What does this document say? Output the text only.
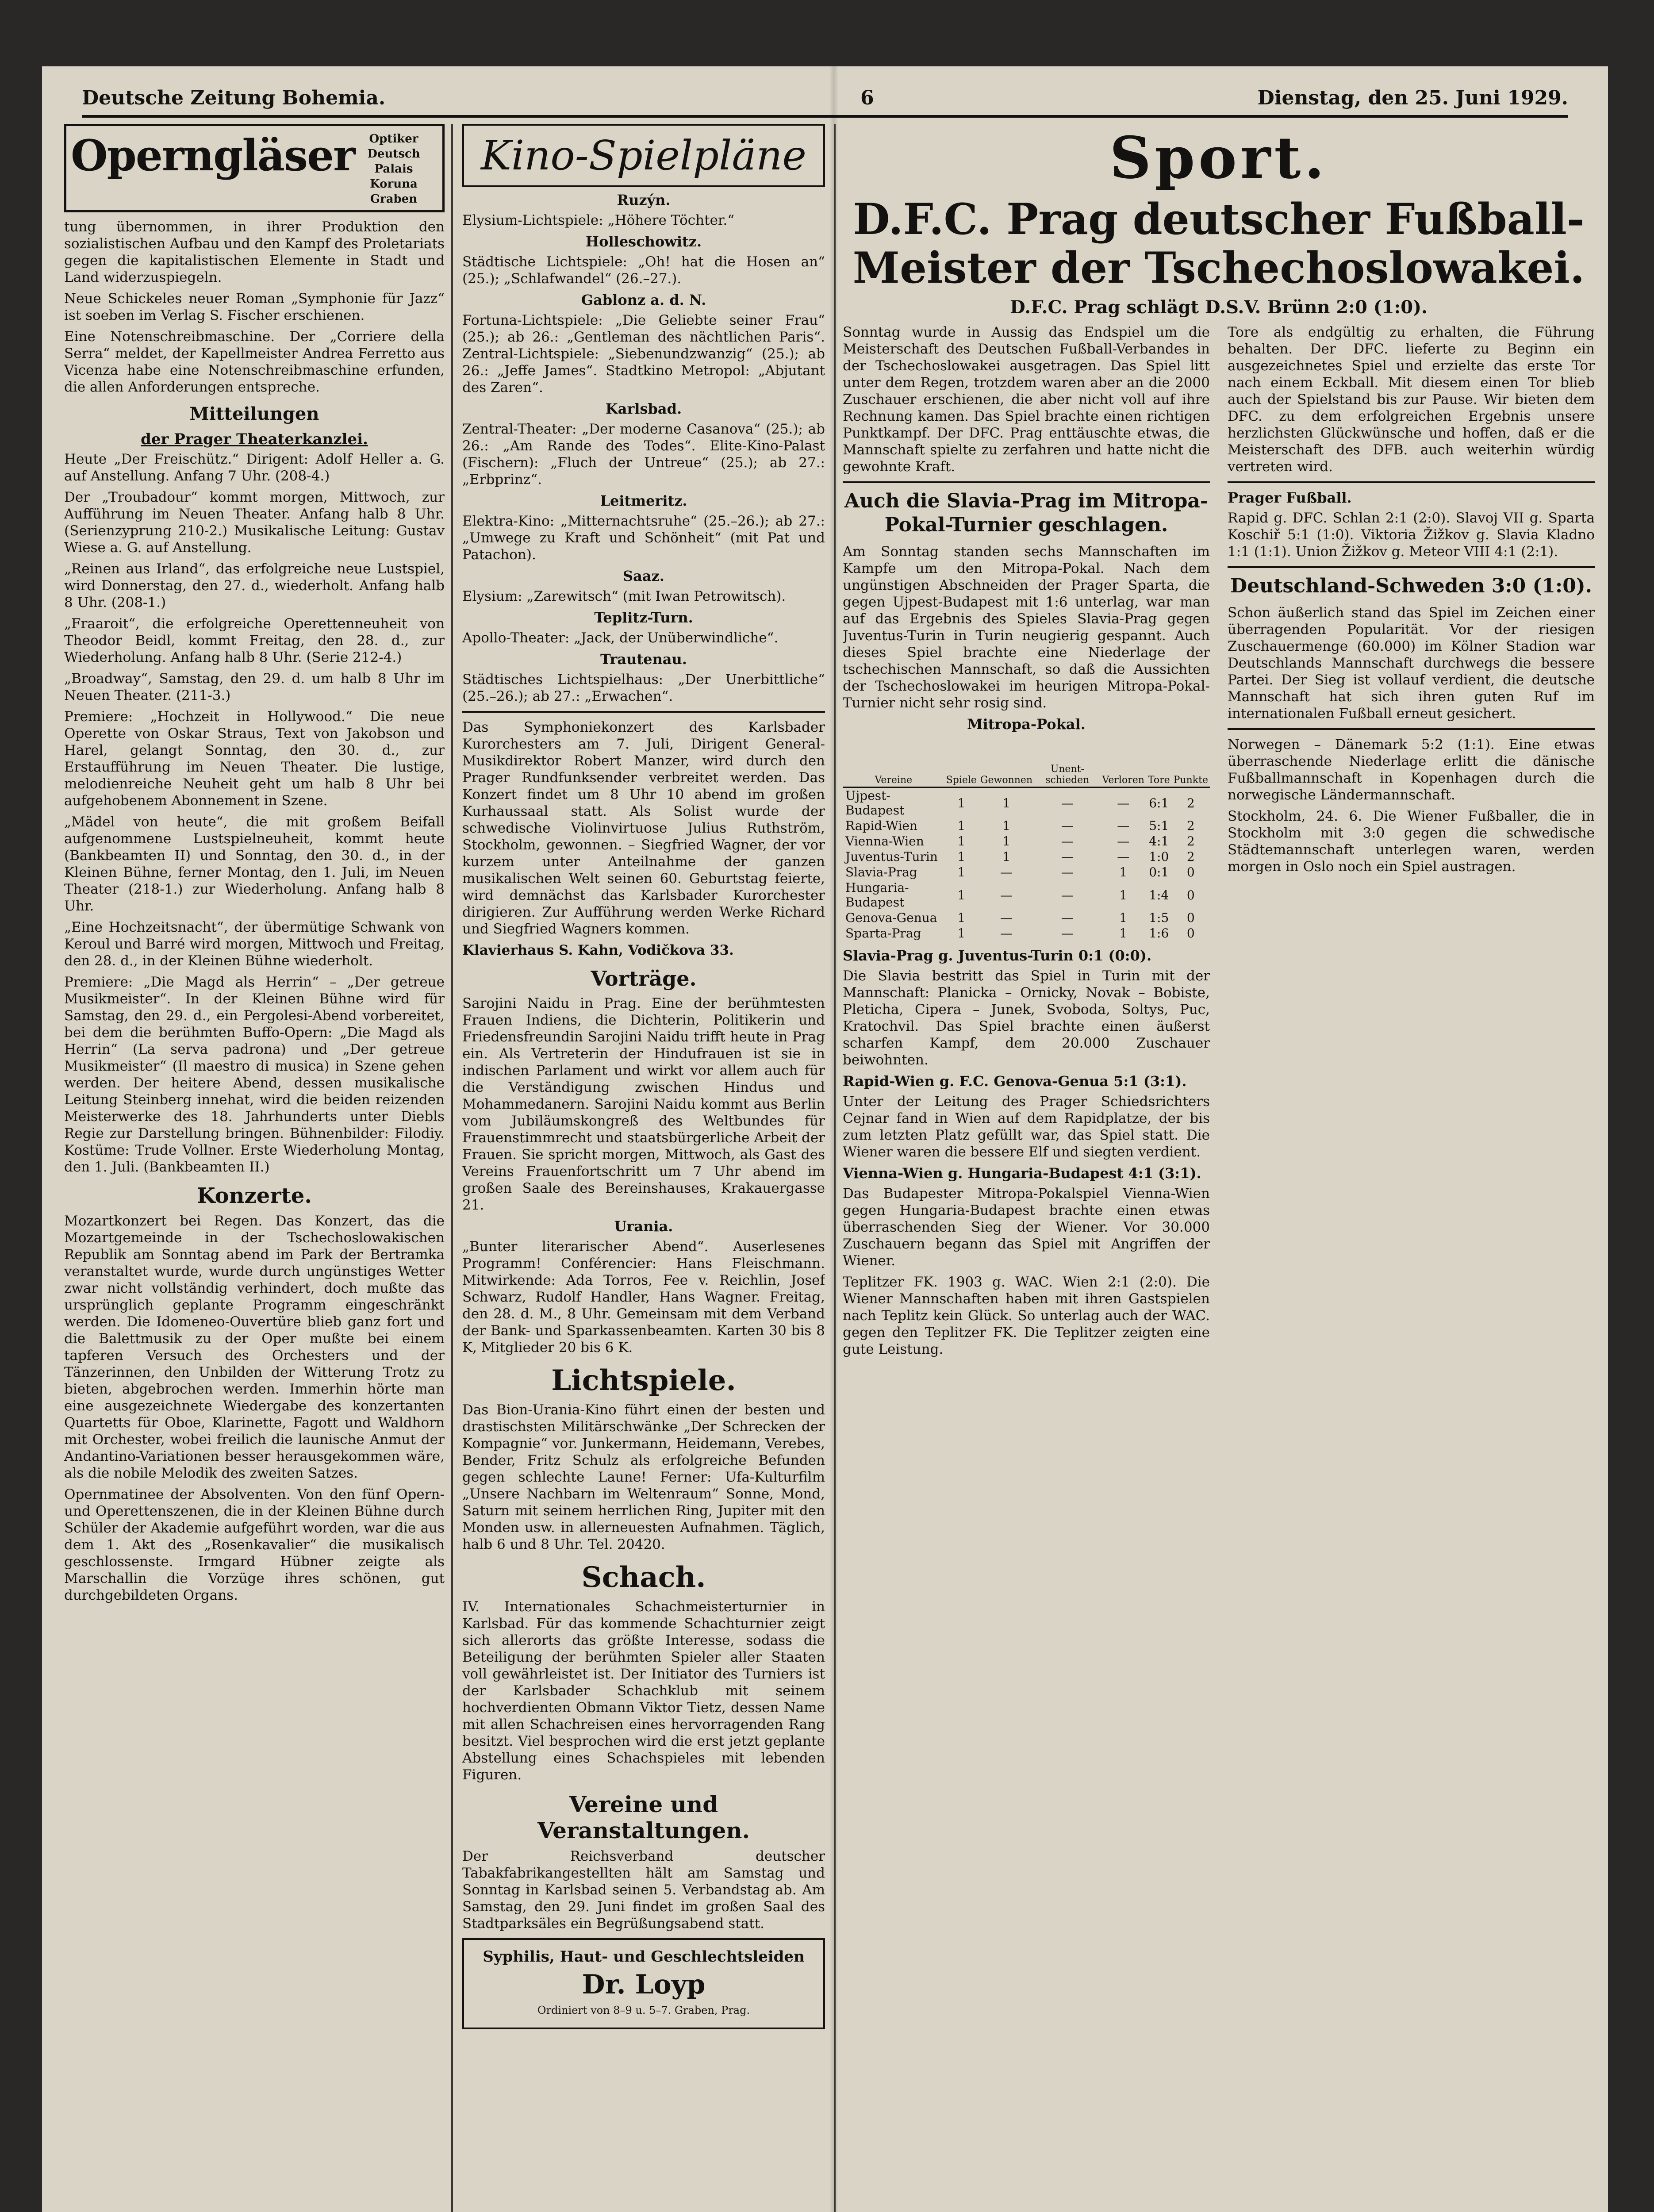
Deutsche Zeitung Bohemia.	6	Dienstag, den 25. Juni 1929.
Operngläser	Optiker Deutsch Palais Koruna Graben

tung übernommen, in ihrer Produktion den sozialistischen Aufbau und den Kampf des Proletariats gegen die kapitalistischen Elemente in Stadt und Land widerzuspiegeln.

Neue Schickeles neuer Roman „Symphonie für Jazz“ ist soeben im Verlag S. Fischer erschienen.

Eine Notenschreibmaschine. Der „Corriere della Serra“ meldet, der Kapellmeister Andrea Ferretto aus Vicenza habe eine Notenschreibmaschine erfunden, die allen Anforderungen entspreche.

Mitteilungen
der Prager Theaterkanzlei.

Heute „Der Freischütz.“ Dirigent: Adolf Heller a. G. auf Anstellung. Anfang 7 Uhr. (208-4.)

Der „Troubadour“ kommt morgen, Mittwoch, zur Aufführung im Neuen Theater. Anfang halb 8 Uhr. (Serienzyprung 210-2.) Musikalische Leitung: Gustav Wiese a. G. auf Anstellung.

„Reinen aus Irland“, das erfolgreiche neue Lustspiel, wird Donnerstag, den 27. d., wiederholt. Anfang halb 8 Uhr. (208-1.)

„Fraaroit“, die erfolgreiche Operettenneuheit von Theodor Beidl, kommt Freitag, den 28. d., zur Wiederholung. Anfang halb 8 Uhr. (Serie 212-4.)

„Broadway“, Samstag, den 29. d. um halb 8 Uhr im Neuen Theater. (211-3.)

Premiere: „Hochzeit in Hollywood.“ Die neue Operette von Oskar Straus, Text von Jakobson und Harel, gelangt Sonntag, den 30. d., zur Erstaufführung im Neuen Theater. Die lustige, melodienreiche Neuheit geht um halb 8 Uhr bei aufgehobenem Abonnement in Szene.

„Mädel von heute“, die mit großem Beifall aufgenommene Lustspielneuheit, kommt heute (Bankbeamten II) und Sonntag, den 30. d., in der Kleinen Bühne, ferner Montag, den 1. Juli, im Neuen Theater (218-1.) zur Wiederholung. Anfang halb 8 Uhr.

„Eine Hochzeitsnacht“, der übermütige Schwank von Keroul und Barré wird morgen, Mittwoch und Freitag, den 28. d., in der Kleinen Bühne wiederholt.

Premiere: „Die Magd als Herrin“ – „Der getreue Musikmeister“. In der Kleinen Bühne wird für Samstag, den 29. d., ein Pergolesi-Abend vorbereitet, bei dem die berühmten Buffo-Opern: „Die Magd als Herrin“ (La serva padrona) und „Der getreue Musikmeister“ (Il maestro di musica) in Szene gehen werden. Der heitere Abend, dessen musikalische Leitung Steinberg innehat, wird die beiden reizenden Meisterwerke des 18. Jahrhunderts unter Diebls Regie zur Darstellung bringen. Bühnenbilder: Filodiy. Kostüme: Trude Vollner. Erste Wiederholung Montag, den 1. Juli. (Bankbeamten II.)

Konzerte.

Mozartkonzert bei Regen. Das Konzert, das die Mozartgemeinde in der Tschechoslowakischen Republik am Sonntag abend im Park der Bertramka veranstaltet wurde, wurde durch ungünstiges Wetter zwar nicht vollständig verhindert, doch mußte das ursprünglich geplante Programm eingeschränkt werden. Die Idomeneo-Ouvertüre blieb ganz fort und die Balettmusik zu der Oper mußte bei einem tapferen Versuch des Orchesters und der Tänzerinnen, den Unbilden der Witterung Trotz zu bieten, abgebrochen werden. Immerhin hörte man eine ausgezeichnete Wiedergabe des konzertanten Quartetts für Oboe, Klarinette, Fagott und Waldhorn mit Orchester, wobei freilich die launische Anmut der Andantino-Variationen besser herausgekommen wäre, als die nobile Melodik des zweiten Satzes.

Opernmatinee der Absolventen. Von den fünf Opern- und Operettenszenen, die in der Kleinen Bühne durch Schüler der Akademie aufgeführt worden, war die aus dem 1. Akt des „Rosenkavalier“ die musikalisch geschlossenste. Irmgard Hübner zeigte als Marschallin die Vorzüge ihres schönen, gut durchgebildeten Organs.

Kino-Spielpläne
Ruzýn.

Elysium-Lichtspiele: „Höhere Töchter.“

Holleschowitz.

Städtische Lichtspiele: „Oh! hat die Hosen an“ (25.); „Schlafwandel“ (26.–27.).

Gablonz a. d. N.

Fortuna-Lichtspiele: „Die Geliebte seiner Frau“ (25.); ab 26.: „Gentleman des nächtlichen Paris“. Zentral-Lichtspiele: „Siebenundzwanzig“ (25.); ab 26.: „Jeffe James“. Stadtkino Metropol: „Abjutant des Zaren“.

Karlsbad.

Zentral-Theater: „Der moderne Casanova“ (25.); ab 26.: „Am Rande des Todes“. Elite-Kino-Palast (Fischern): „Fluch der Untreue“ (25.); ab 27.: „Erbprinz“.

Leitmeritz.

Elektra-Kino: „Mitternachtsruhe“ (25.–26.); ab 27.: „Umwege zu Kraft und Schönheit“ (mit Pat und Patachon).

Saaz.

Elysium: „Zarewitsch“ (mit Iwan Petrowitsch).

Teplitz-Turn.

Apollo-Theater: „Jack, der Unüberwindliche“.

Trautenau.

Städtisches Lichtspielhaus: „Der Unerbittliche“ (25.–26.); ab 27.: „Erwachen“.

Das Symphoniekonzert des Karlsbader Kurorchesters am 7. Juli, Dirigent General-Musikdirektor Robert Manzer, wird durch den Prager Rundfunksender verbreitet werden. Das Konzert findet um 8 Uhr 10 abend im großen Kurhaussaal statt. Als Solist wurde der schwedische Violinvirtuose Julius Ruthström, Stockholm, gewonnen. – Siegfried Wagner, der vor kurzem unter Anteilnahme der ganzen musikalischen Welt seinen 60. Geburtstag feierte, wird demnächst das Karlsbader Kurorchester dirigieren. Zur Aufführung werden Werke Richard und Siegfried Wagners kommen.

Klavierhaus S. Kahn, Vodičkova 33.

Vorträge.

Sarojini Naidu in Prag. Eine der berühmtesten Frauen Indiens, die Dichterin, Politikerin und Friedensfreundin Sarojini Naidu trifft heute in Prag ein. Als Vertreterin der Hindufrauen ist sie in indischen Parlament und wirkt vor allem auch für die Verständigung zwischen Hindus und Mohammedanern. Sarojini Naidu kommt aus Berlin vom Jubiläumskongreß des Weltbundes für Frauenstimmrecht und staatsbürgerliche Arbeit der Frauen. Sie spricht morgen, Mittwoch, als Gast des Vereins Frauenfortschritt um 7 Uhr abend im großen Saale des Bereinshauses, Krakauergasse 21.

Urania.

„Bunter literarischer Abend“. Auserlesenes Programm! Conférencier: Hans Fleischmann. Mitwirkende: Ada Torros, Fee v. Reichlin, Josef Schwarz, Rudolf Handler, Hans Wagner. Freitag, den 28. d. M., 8 Uhr. Gemeinsam mit dem Verband der Bank- und Sparkassenbeamten. Karten 30 bis 8 K, Mitglieder 20 bis 6 K.

Lichtspiele.

Das Bion-Urania-Kino führt einen der besten und drastischsten Militärschwänke „Der Schrecken der Kompagnie“ vor. Junkermann, Heidemann, Verebes, Bender, Fritz Schulz als erfolgreiche Befunden gegen schlechte Laune! Ferner: Ufa-Kulturfilm „Unsere Nachbarn im Weltenraum“ Sonne, Mond, Saturn mit seinem herrlichen Ring, Jupiter mit den Monden usw. in allerneuesten Aufnahmen. Täglich, halb 6 und 8 Uhr. Tel. 20420.

Schach.

IV. Internationales Schachmeisterturnier in Karlsbad. Für das kommende Schachturnier zeigt sich allerorts das größte Interesse, sodass die Beteiligung der berühmten Spieler aller Staaten voll gewährleistet ist. Der Initiator des Turniers ist der Karlsbader Schachklub mit seinem hochverdienten Obmann Viktor Tietz, dessen Name mit allen Schachreisen eines hervorragenden Rang besitzt. Viel besprochen wird die erst jetzt geplante Abstellung eines Schachspieles mit lebenden Figuren.

Vereine und Veranstaltungen.

Der Reichsverband deutscher Tabakfabrikangestellten hält am Samstag und Sonntag in Karlsbad seinen 5. Verbandstag ab. Am Samstag, den 29. Juni findet im großen Saal des Stadtparksäles ein Begrüßungsabend statt.

Syphilis, Haut- und Geschlechtsleiden
Dr. Loyp
Ordiniert von 8–9 u. 5–7. Graben, Prag.
Sport.
D.F.C. Prag deutscher Fußball-Meister der Tschechoslowakei.
D.F.C. Prag schlägt D.S.V. Brünn 2:0 (1:0).

Sonntag wurde in Aussig das Endspiel um die Meisterschaft des Deutschen Fußball-Verbandes in der Tschechoslowakei ausgetragen. Das Spiel litt unter dem Regen, trotzdem waren aber an die 2000 Zuschauer erschienen, die aber nicht voll auf ihre Rechnung kamen. Das Spiel brachte einen richtigen Punktkampf. Der DFC. Prag enttäuschte etwas, die Mannschaft spielte zu zerfahren und hatte nicht die gewohnte Kraft.

Auch die Slavia-Prag im Mitropa-Pokal-Turnier geschlagen.

Am Sonntag standen sechs Mannschaften im Kampfe um den Mitropa-Pokal. Nach dem ungünstigen Abschneiden der Prager Sparta, die gegen Ujpest-Budapest mit 1:6 unterlag, war man auf das Ergebnis des Spieles Slavia-Prag gegen Juventus-Turin in Turin neugierig gespannt. Auch dieses Spiel brachte eine Niederlage der tschechischen Mannschaft, so daß die Aussichten der Tschechoslowakei im heurigen Mitropa-Pokal-Turnier nicht sehr rosig sind.

Mitropa-Pokal.
Vereine	Spiele	Gewonnen	Unent-schieden	Verloren	Tore	Punkte
Ujpest-Budapest	1	1	—	—	6:1	2
Rapid-Wien	1	1	—	—	5:1	2
Vienna-Wien	1	1	—	—	4:1	2
Juventus-Turin	1	1	—	—	1:0	2
Slavia-Prag	1	—	—	1	0:1	0
Hungaria-Budapest	1	—	—	1	1:4	0
Genova-Genua	1	—	—	1	1:5	0
Sparta-Prag	1	—	—	1	1:6	0
Slavia-Prag g. Juventus-Turin 0:1 (0:0).

Die Slavia bestritt das Spiel in Turin mit der Mannschaft: Planicka – Ornicky, Novak – Bobiste, Pleticha, Cipera – Junek, Svoboda, Soltys, Puc, Kratochvil. Das Spiel brachte einen äußerst scharfen Kampf, dem 20.000 Zuschauer beiwohnten.

Rapid-Wien g. F.C. Genova-Genua 5:1 (3:1).

Unter der Leitung des Prager Schiedsrichters Cejnar fand in Wien auf dem Rapidplatze, der bis zum letzten Platz gefüllt war, das Spiel statt. Die Wiener waren die bessere Elf und siegten verdient.

Vienna-Wien g. Hungaria-Budapest 4:1 (3:1).

Das Budapester Mitropa-Pokalspiel Vienna-Wien gegen Hungaria-Budapest brachte einen etwas überraschenden Sieg der Wiener. Vor 30.000 Zuschauern begann das Spiel mit Angriffen der Wiener.

Teplitzer FK. 1903 g. WAC. Wien 2:1 (2:0). Die Wiener Mannschaften haben mit ihren Gastspielen nach Teplitz kein Glück. So unterlag auch der WAC. gegen den Teplitzer FK. Die Teplitzer zeigten eine gute Leistung.

Tore als endgültig zu erhalten, die Führung behalten. Der DFC. lieferte zu Beginn ein ausgezeichnetes Spiel und erzielte das erste Tor nach einem Eckball. Mit diesem einen Tor blieb auch der Spielstand bis zur Pause. Wir bieten dem DFC. zu dem erfolgreichen Ergebnis unsere herzlichsten Glückwünsche und hoffen, daß er die Meisterschaft des DFB. auch weiterhin würdig vertreten wird.

Prager Fußball.

Rapid g. DFC. Schlan 2:1 (2:0). Slavoj VII g. Sparta Koschiř 5:1 (1:0). Viktoria Žižkov g. Slavia Kladno 1:1 (1:1). Union Žižkov g. Meteor VIII 4:1 (2:1).

Deutschland-Schweden 3:0 (1:0).

Schon äußerlich stand das Spiel im Zeichen einer überragenden Popularität. Vor der riesigen Zuschauermenge (60.000) im Kölner Stadion war Deutschlands Mannschaft durchwegs die bessere Partei. Der Sieg ist vollauf verdient, die deutsche Mannschaft hat sich ihren guten Ruf im internationalen Fußball erneut gesichert.

Norwegen – Dänemark 5:2 (1:1). Eine etwas überraschende Niederlage erlitt die dänische Fußballmannschaft in Kopenhagen durch die norwegische Ländermannschaft.

Stockholm, 24. 6. Die Wiener Fußballer, die in Stockholm mit 3:0 gegen die schwedische Städtemannschaft unterlegen waren, werden morgen in Oslo noch ein Spiel austragen.
